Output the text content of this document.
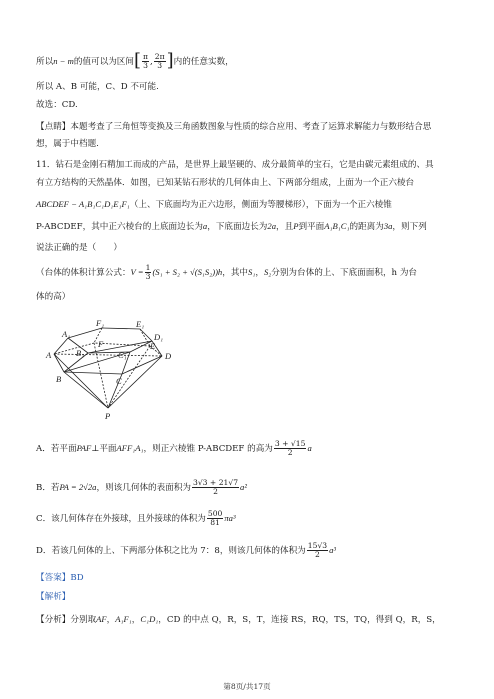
所以n − m的值可以为区间[ $\frac{\pi}{3}$ , $\frac{2\pi}{3}$ ]内的任意实数，
所以 A、B 可能，C、D 不可能.
故选：CD.
【点睛】本题考查了三角恒等变换及三角函数图象与性质的综合应用、考查了运算求解能力与数形结合思
想，属于中档题.
11．钻石是金刚石精加工而成的产品，是世界上最坚硬的、成分最简单的宝石，它是由碳元素组成的、具
有立方结构的天然晶体．如图，已知某钻石形状的几何体由上、下两部分组成，上面为一个正六棱台
ABCDEF − A₁B₁C₁D₁E₁F₁（上、下底面均为正六边形，侧面为等腰梯形），下面为一个正六棱锥
P-ABCDEF，其中正六棱台的上底面边长为a，下底面边长为2a，且P到平面A₁B₁C₁的距离为3a，则下列
说法正确的是（　　）
（台体的体积计算公式：$V = \frac{1}{3} (S_1 + S_2 + √(S_1S_2))h$，其中S₁，S₂分别为台体的上、下底面面积，h 为台
体的高）
A₁
F₁	E₁
B₁	C₁
D₁
A
B	C
D
E
F
P
A．若平面PAF⊥平面AFF₁A₁，则正六棱锥 P-ABCDEF 的高为 $\frac{3 + √15}{2}$ a
B．若PA = 2√2a，则该几何体的表面积为 $\frac{3√3 + 21√7}{2} a^2$
C．该几何体存在外接球，且外接球的体积为 $\frac{500}{81} \pi a^3$
D．若该几何体的上、下两部分体积之比为 7：8，则该几何体的体积为 $\frac{15√3}{2} a^3$
【答案】BD
【解析】
【分析】分别取AF，A₁F₁，C₁D₁，CD 的中点 Q，R，S，T，连接 RS，RQ，TS，TQ，得到 Q，R，S，
第8页/共17页
